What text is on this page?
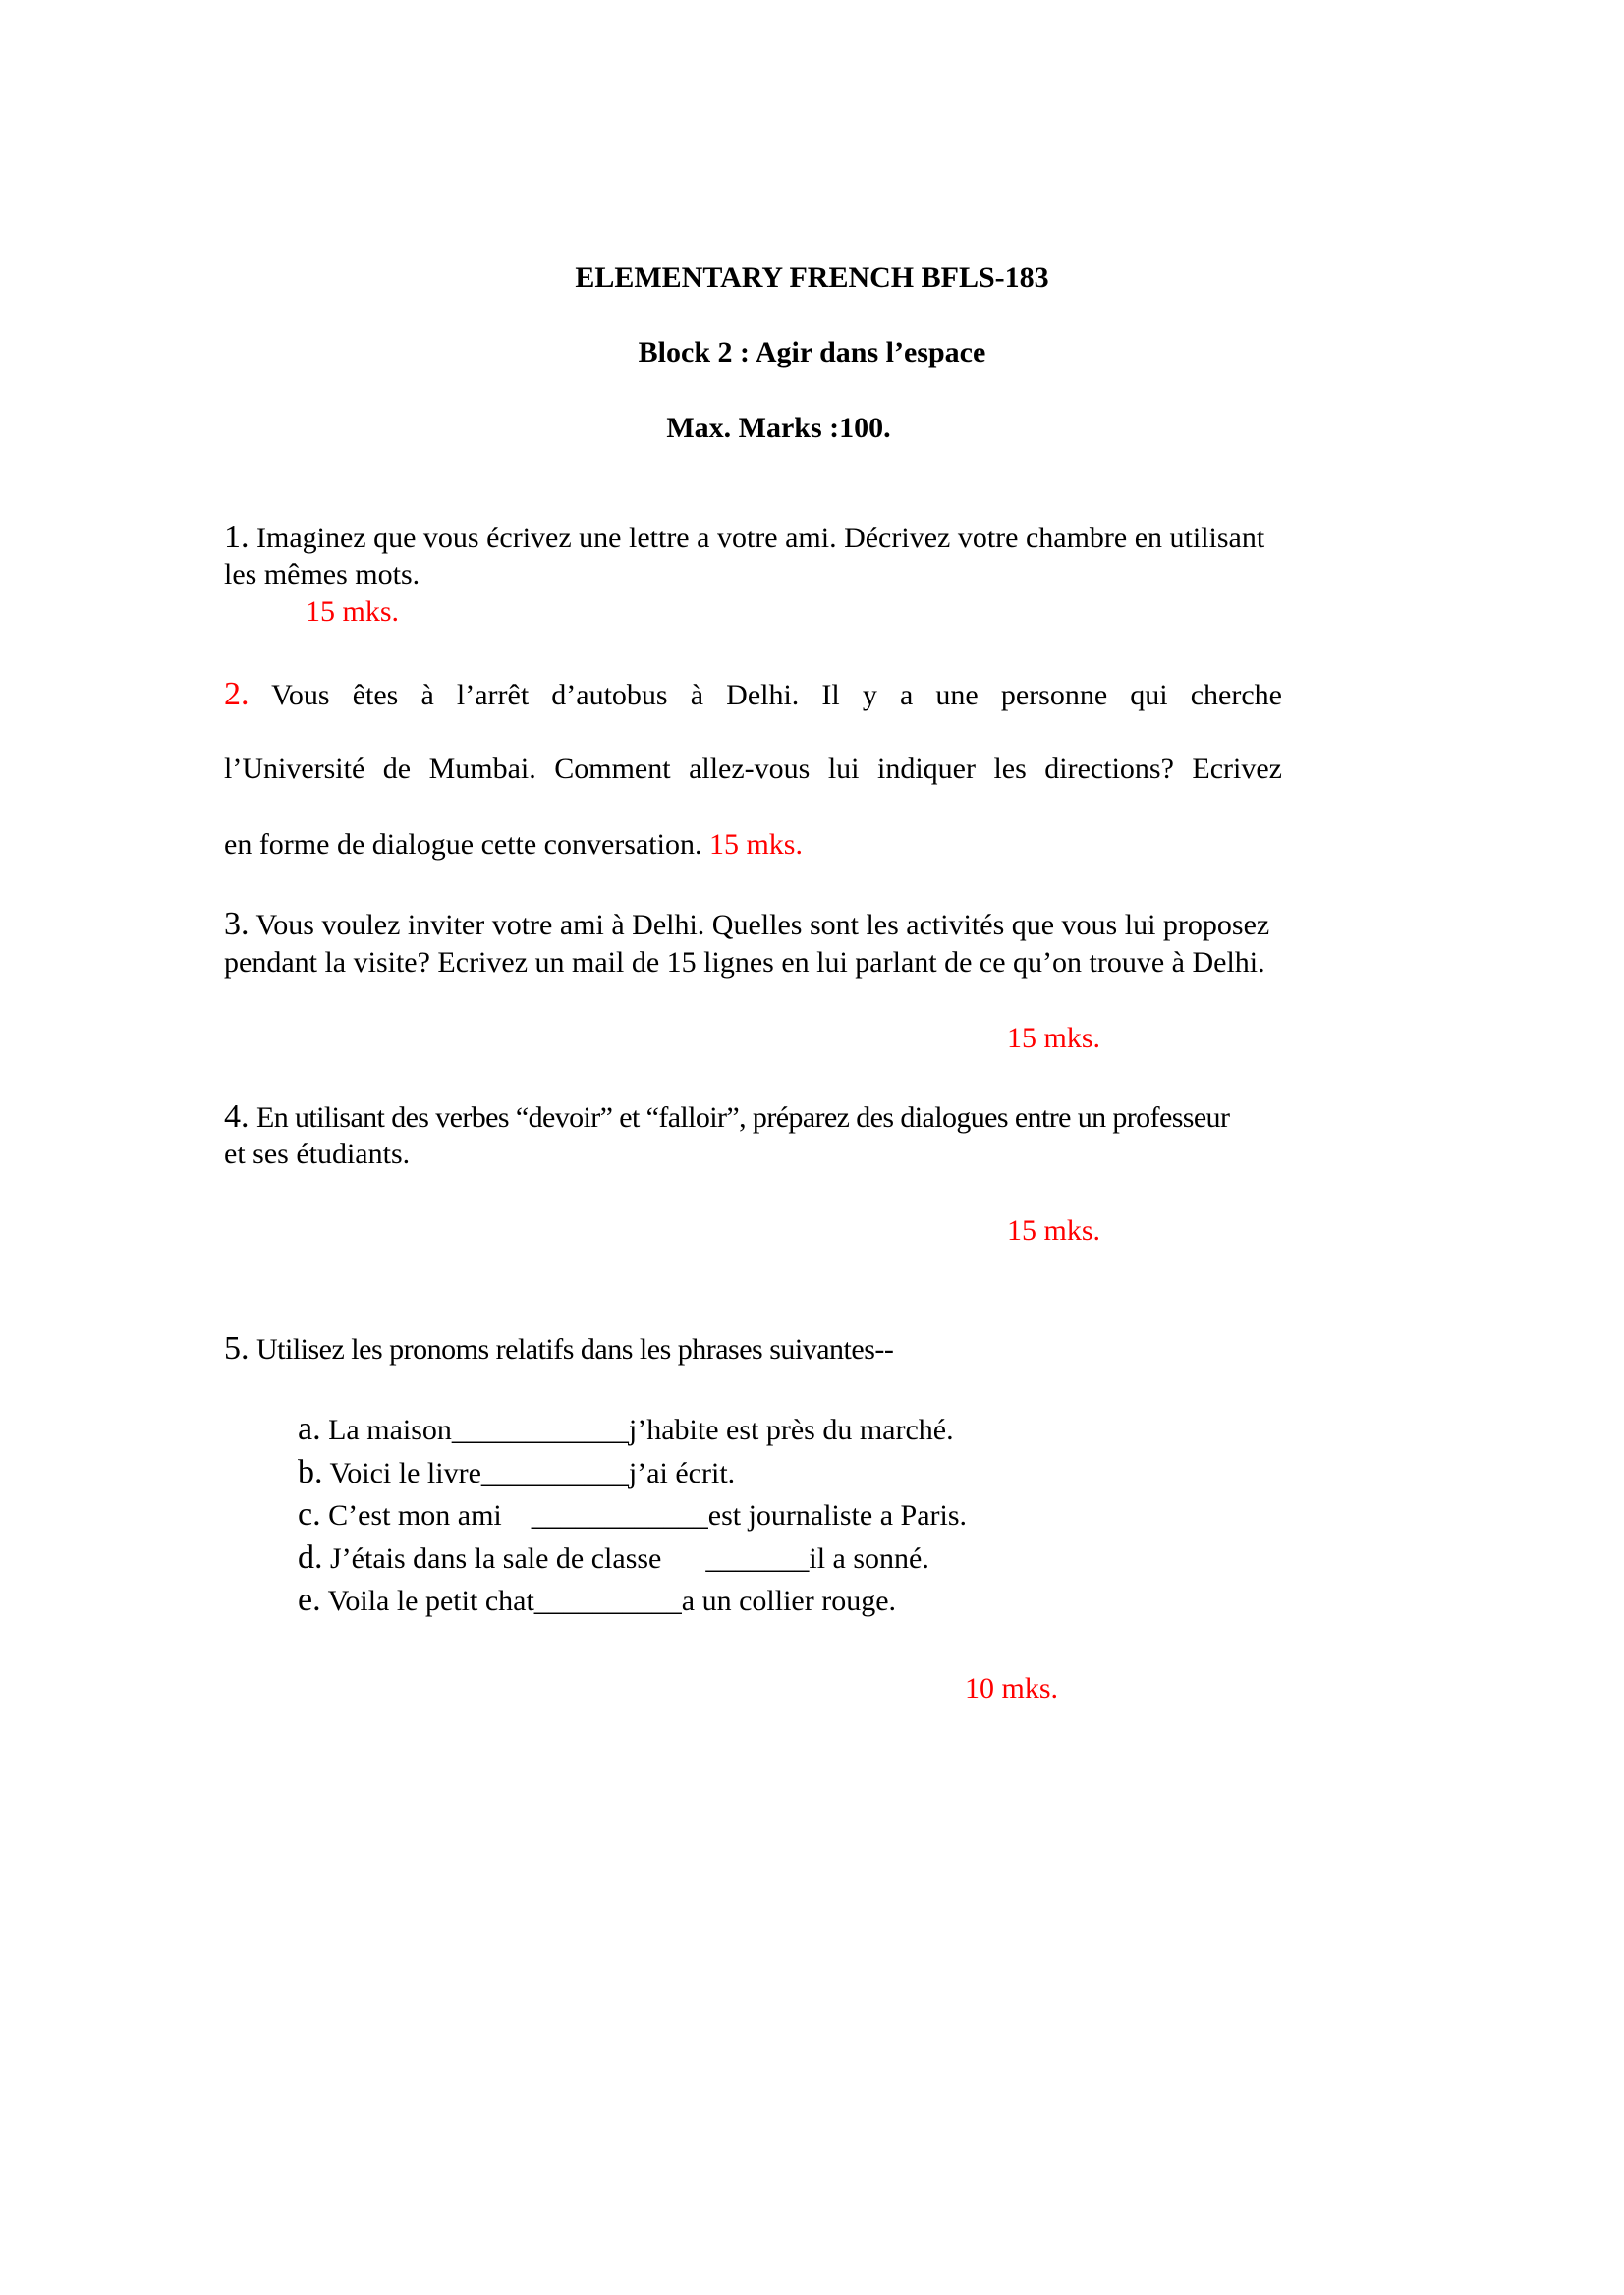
ELEMENTARY FRENCH BFLS-183
Block 2 : Agir dans l’espace
Max. Marks :100.
1. Imaginez que vous écrivez une lettre a votre ami. Décrivez votre chambre en utilisant
les mêmes mots.
15 mks.
2. Vous êtes à l’arrêt d’autobus à Delhi. Il y a une personne qui cherche
l’Université de Mumbai. Comment allez-vous lui indiquer les directions? Ecrivez
en forme de dialogue cette conversation. 15 mks.
3. Vous voulez inviter votre ami à Delhi. Quelles sont les activités que vous lui proposez
pendant la visite? Ecrivez un mail de 15 lignes en lui parlant de ce qu’on trouve à Delhi.
15 mks.
4. En utilisant des verbes “devoir” et “falloir”, préparez des dialogues entre un professeur
et ses étudiants.
15 mks.
5. Utilisez les pronoms relatifs dans les phrases suivantes--
a. La maison____________j’habite est près du marché.
b. Voici le livre__________j’ai écrit.
c. C’est mon ami    ____________est journaliste a Paris.
d. J’étais dans la sale de classe      _______il a sonné.
e. Voila le petit chat__________a un collier rouge.
10 mks.
